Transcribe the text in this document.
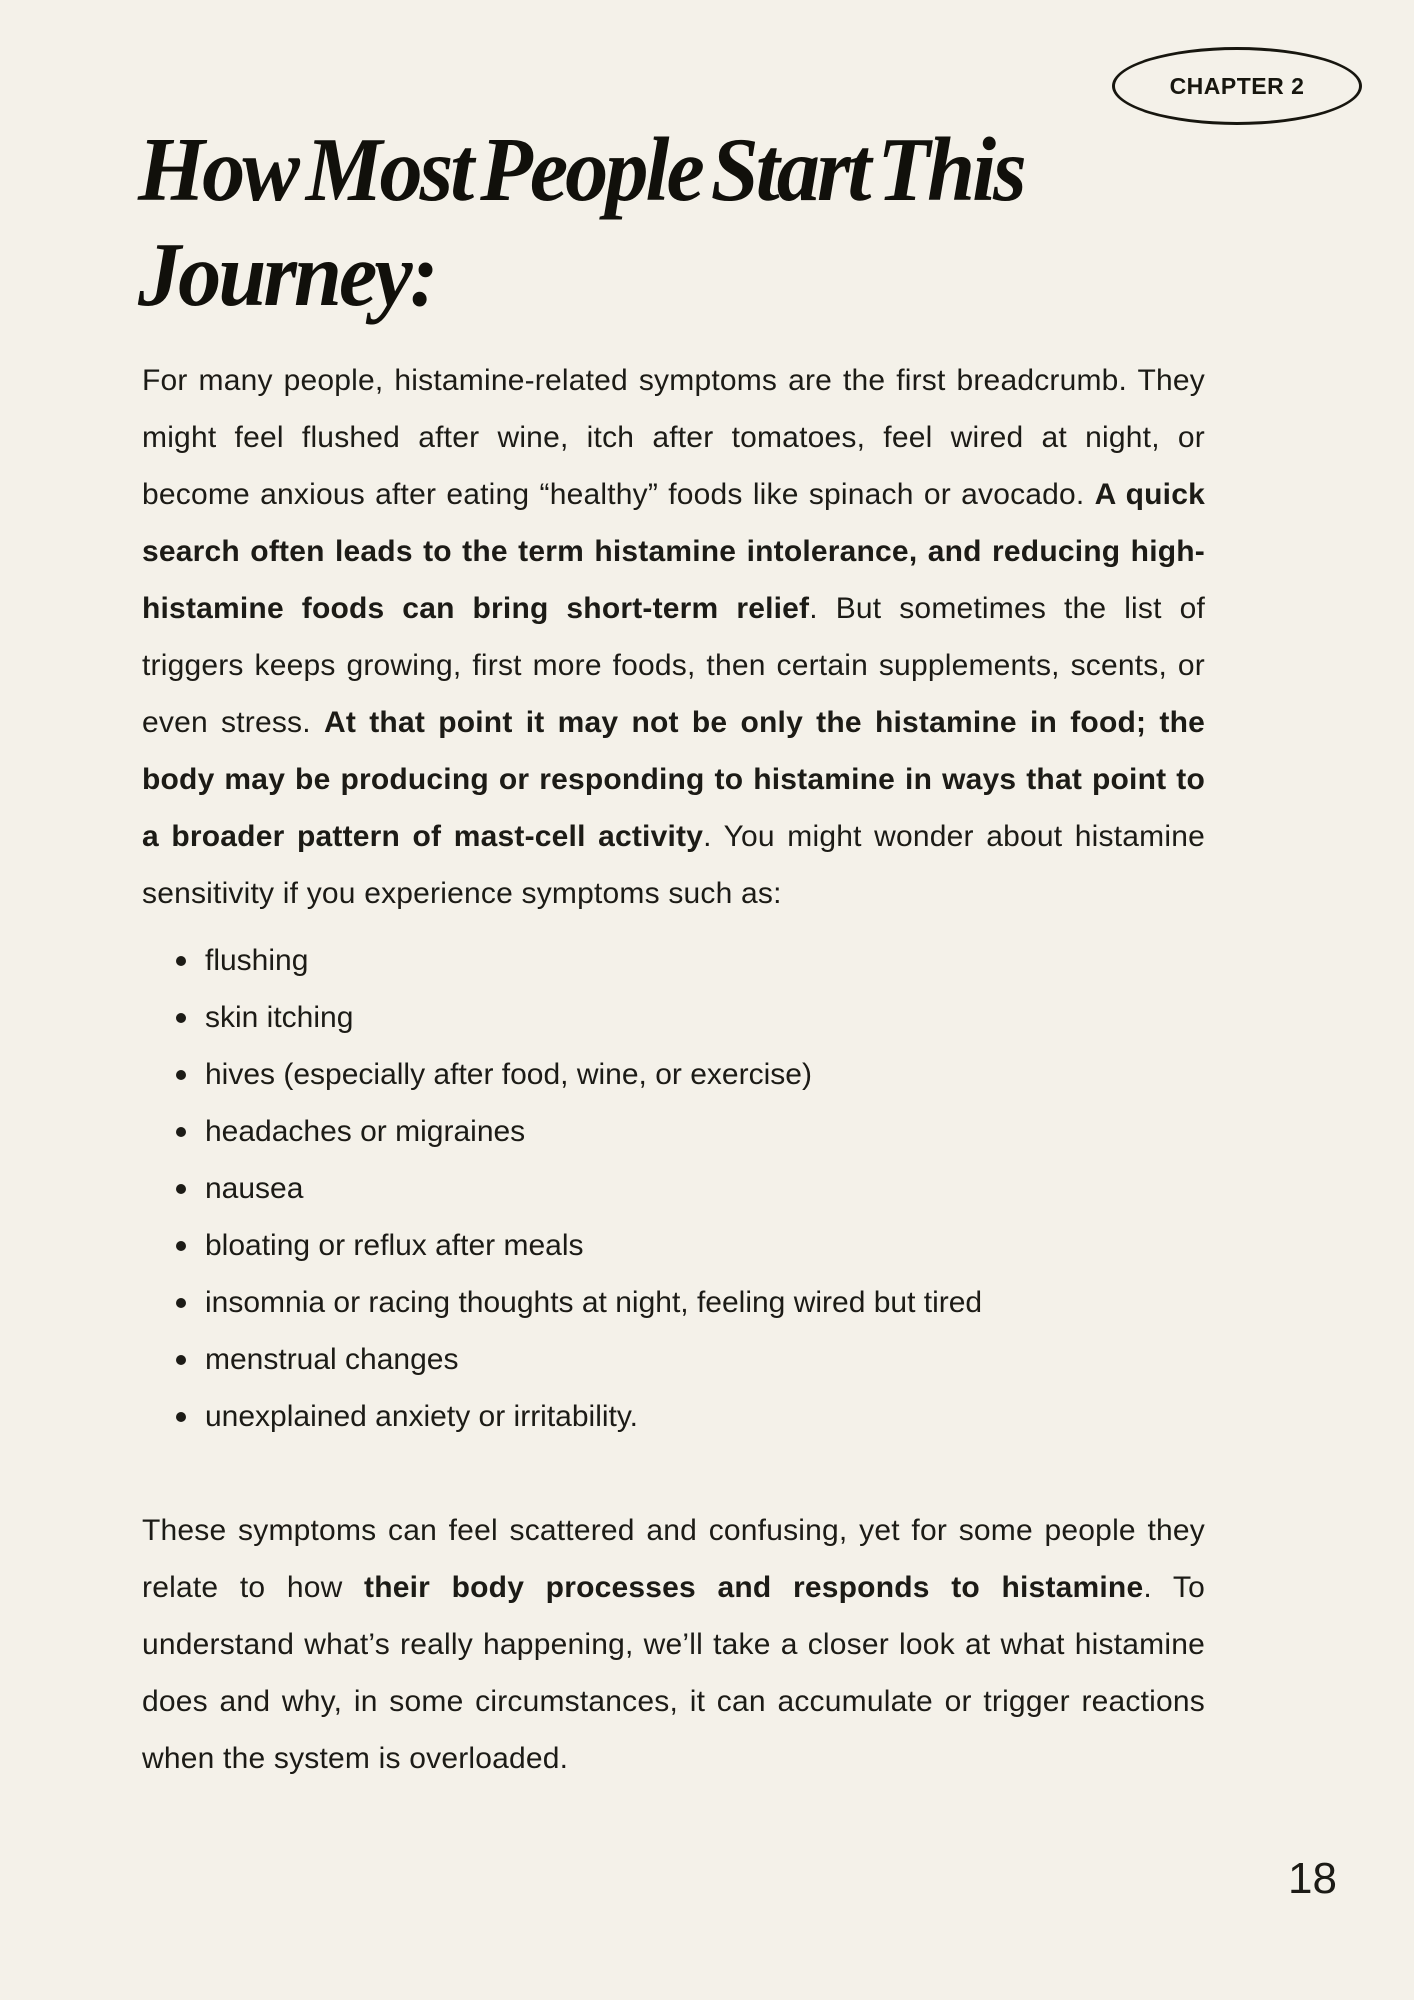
CHAPTER 2
How Most People Start This
Journey:

For many people, histamine-related symptoms are the first breadcrumb. They might feel flushed after wine, itch after tomatoes, feel wired at night, or become anxious after eating “healthy” foods like spinach or avocado. A quick search often leads to the term histamine intolerance, and reducing high-histamine foods can bring short-term relief. But sometimes the list of triggers keeps growing, first more foods, then certain supplements, scents, or even stress. At that point it may not be only the histamine in food; the body may be producing or responding to histamine in ways that point to a broader pattern of mast-cell activity. You might wonder about histamine sensitivity if you experience symptoms such as:

flushing
skin itching
hives (especially after food, wine, or exercise)
headaches or migraines
nausea
bloating or reflux after meals
insomnia or racing thoughts at night, feeling wired but tired
menstrual changes
unexplained anxiety or irritability.

These symptoms can feel scattered and confusing, yet for some people they relate to how their body processes and responds to histamine. To understand what’s really happening, we’ll take a closer look at what histamine does and why, in some circumstances, it can accumulate or trigger reactions when the system is overloaded.

18
